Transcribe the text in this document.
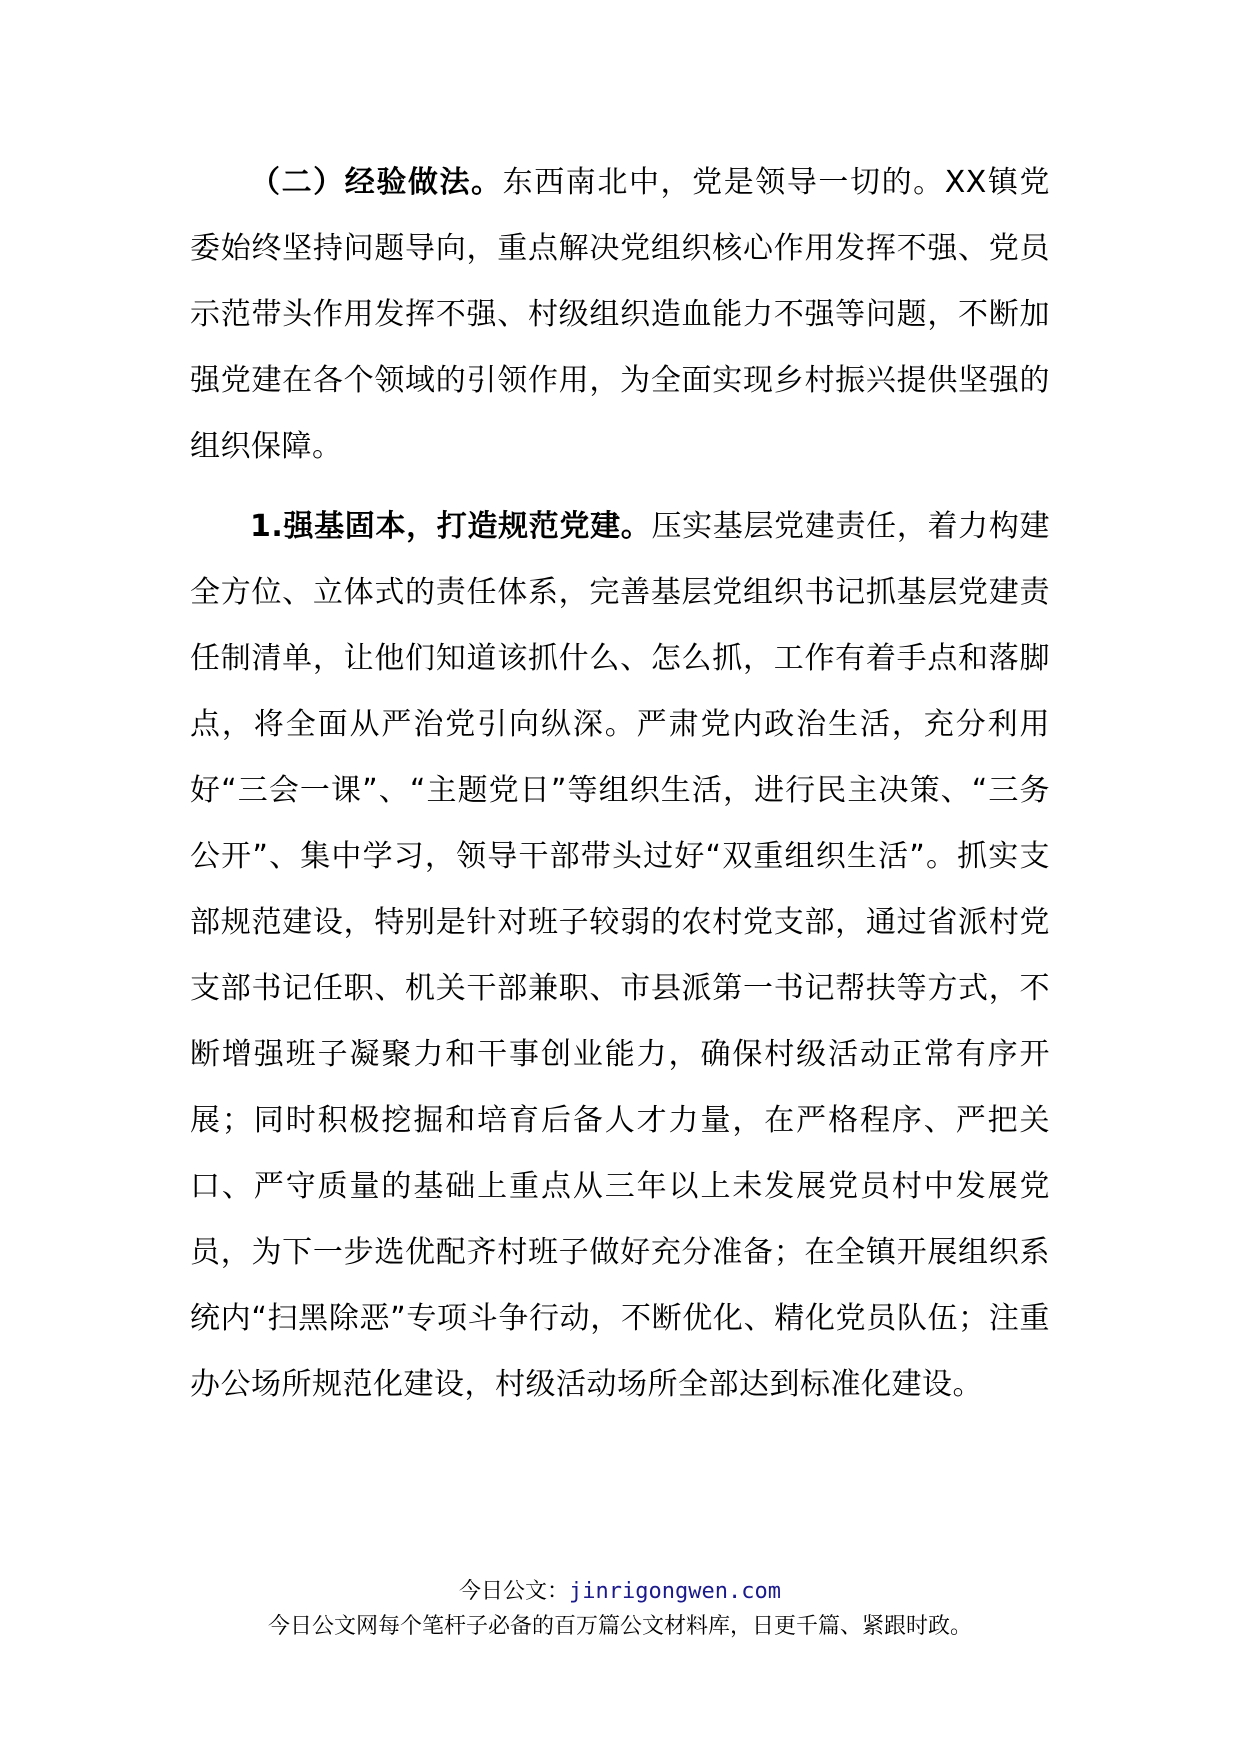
（二）经验做法。东西南北中，党是领导一切的。XX镇党委始终坚持问题导向，重点解决党组织核心作用发挥不强、党员示范带头作用发挥不强、村级组织造血能力不强等问题，不断加强党建在各个领域的引领作用，为全面实现乡村振兴提供坚强的组织保障。

1.强基固本，打造规范党建。压实基层党建责任，着力构建全方位、立体式的责任体系，完善基层党组织书记抓基层党建责任制清单，让他们知道该抓什么、怎么抓，工作有着手点和落脚点，将全面从严治党引向纵深。严肃党内政治生活，充分利用好“三会一课”、“主题党日”等组织生活，进行民主决策、“三务公开”、集中学习，领导干部带头过好“双重组织生活”。抓实支部规范建设，特别是针对班子较弱的农村党支部，通过省派村党支部书记任职、机关干部兼职、市县派第一书记帮扶等方式，不断增强班子凝聚力和干事创业能力，确保村级活动正常有序开展；同时积极挖掘和培育后备人才力量，在严格程序、严把关口、严守质量的基础上重点从三年以上未发展党员村中发展党员，为下一步选优配齐村班子做好充分准备；在全镇开展组织系统内“扫黑除恶”专项斗争行动，不断优化、精化党员队伍；注重办公场所规范化建设，村级活动场所全部达到标准化建设。

今日公文：jinrigongwen.com
今日公文网每个笔杆子必备的百万篇公文材料库，日更千篇、紧跟时政。
